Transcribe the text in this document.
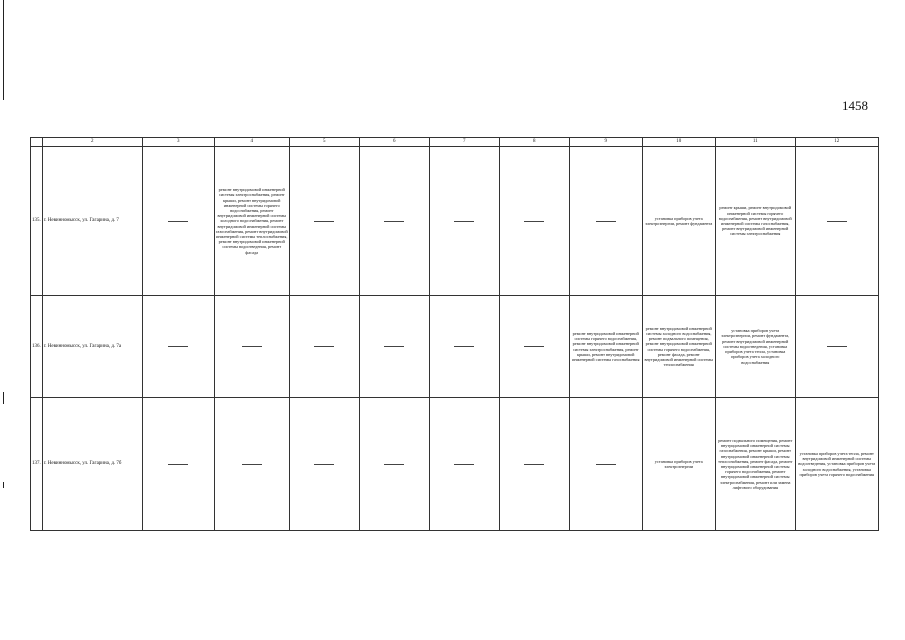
1458
	2	3	4	5	6	7	8	9	10	11	12
135.	г. Невинномысск, ул. Гагарина, д. 7		ремонт внутридомовой инженерной системы электроснабжения, ремонт крыши, ремонт внутридомовой инженерной системы горячего водоснабжения, ремонт внутридомовой инженерной системы холодного водоснабжения, ремонт внутридомовой инженерной системы газоснабжения, ремонт внутридомовой инженерной системы теплоснабжения, ремонт внутридомовой инженерной системы водоотведения, ремонт фасада						установка приборов учета электроэнергии, ремонт фундамента	ремонт крыши, ремонт внутридомовой инженерной системы горячего водоснабжения, ремонт внутридомовой инженерной системы газоснабжения, ремонт внутридомовой инженерной системы электроснабжения	
136.	г. Невинномысск, ул. Гагарина, д. 7а							ремонт внутридомовой инженерной системы горячего водоснабжения, ремонт внутридомовой инженерной системы электроснабжения, ремонт крыши, ремонт внутридомовой инженерной системы газоснабжения	ремонт внутридомовой инженерной системы холодного водоснабжения, ремонт подвального помещения, ремонт внутридомовой инженерной системы горячего водоснабжения, ремонт фасада, ремонт внутридомовой инженерной системы теплоснабжения	установка приборов учета электроэнергии, ремонт фундамента, ремонт внутридомовой инженерной системы водоотведения, установка приборов учета тепла, установка приборов учета холодного водоснабжения	
137.	г. Невинномысск, ул. Гагарина, д. 7б								установка приборов учета электроэнергии	ремонт подвального помещения, ремонт внутридомовой инженерной системы газоснабжения, ремонт крыши, ремонт внутридомовой инженерной системы теплоснабжения, ремонт фасада, ремонт внутридомовой инженерной системы горячего водоснабжения, ремонт внутридомовой инженерной системы электроснабжения, ремонт или замена лифтового оборудования	установка приборов учета тепла, ремонт внутридомовой инженерной системы водоотведения, установка приборов учета холодного водоснабжения, установка приборов учета горячего водоснабжения
